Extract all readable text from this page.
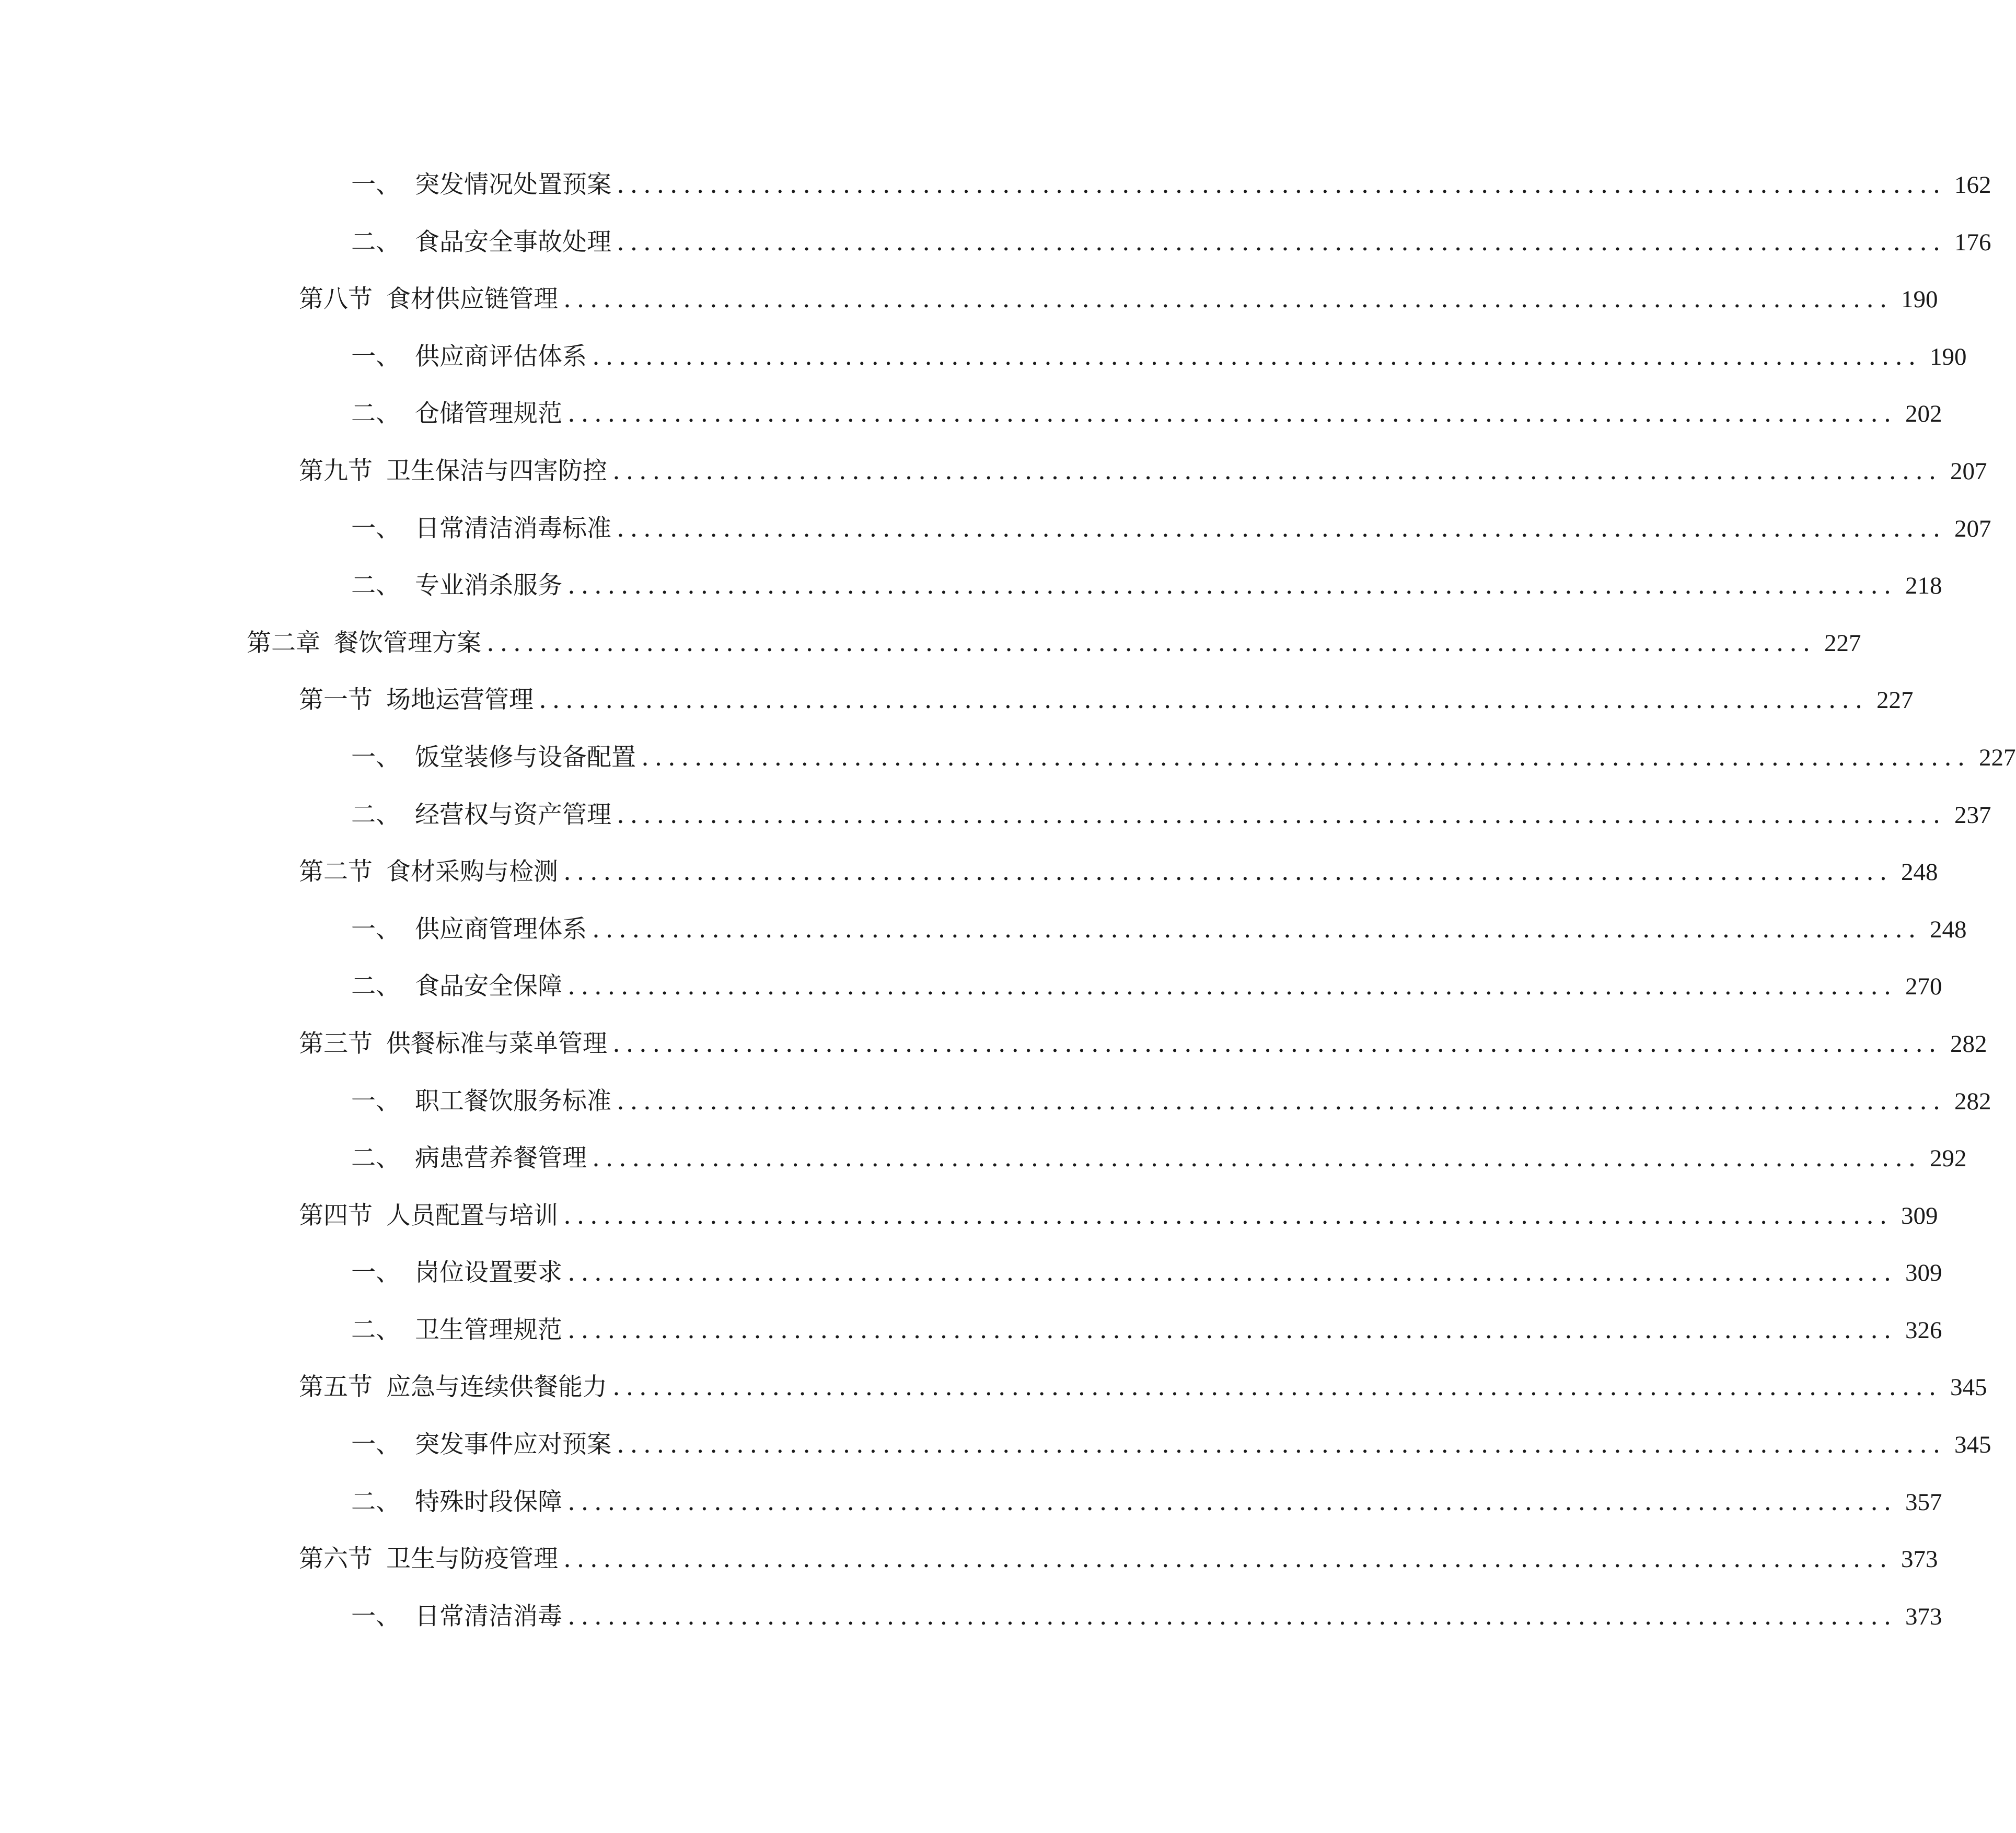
一、 突发情况处置预案 .................................................................................................... 162
二、 食品安全事故处理 .................................................................................................... 176
第八节 食材供应链管理 .................................................................................................... 190
一、 供应商评估体系 .................................................................................................... 190
二、 仓储管理规范 .................................................................................................... 202
第九节 卫生保洁与四害防控 .................................................................................................... 207
一、 日常清洁消毒标准 .................................................................................................... 207
二、 专业消杀服务 .................................................................................................... 218
第二章 餐饮管理方案 .................................................................................................... 227
第一节 场地运营管理 .................................................................................................... 227
一、 饭堂装修与设备配置 .................................................................................................... 227
二、 经营权与资产管理 .................................................................................................... 237
第二节 食材采购与检测 .................................................................................................... 248
一、 供应商管理体系 .................................................................................................... 248
二、 食品安全保障 .................................................................................................... 270
第三节 供餐标准与菜单管理 .................................................................................................... 282
一、 职工餐饮服务标准 .................................................................................................... 282
二、 病患营养餐管理 .................................................................................................... 292
第四节 人员配置与培训 .................................................................................................... 309
一、 岗位设置要求 .................................................................................................... 309
二、 卫生管理规范 .................................................................................................... 326
第五节 应急与连续供餐能力 .................................................................................................... 345
一、 突发事件应对预案 .................................................................................................... 345
二、 特殊时段保障 .................................................................................................... 357
第六节 卫生与防疫管理 .................................................................................................... 373
一、 日常清洁消毒 .................................................................................................... 373
